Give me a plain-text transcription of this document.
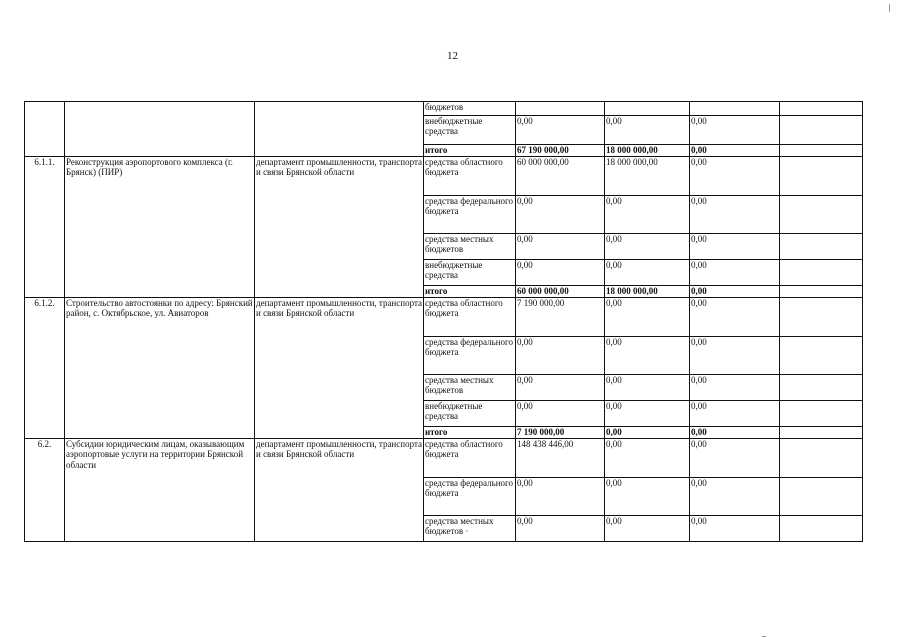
12
			бюджетов				
			внебюджетные средства	0,00	0,00	0,00	
			итого	67 190 000,00	18 000 000,00	0,00	
6.1.1.	Реконструкция аэропортового комплекса (г. Брянск) (ПИР)	департамент промышленности, транспорта и связи Брянской области	средства областного бюджета	60 000 000,00	18 000 000,00	0,00	
			средства федерального бюджета	0,00	0,00	0,00	
			средства местных бюджетов	0,00	0,00	0,00	
			внебюджетные средства	0,00	0,00	0,00	
			итого	60 000 000,00	18 000 000,00	0,00	
6.1.2.	Строительство автостоянки по адресу: Брянский район, с. Октябрьское, ул. Авиаторов	департамент промышленности, транспорта и связи Брянской области	средства областного бюджета	7 190 000,00	0,00	0,00	
			средства федерального бюджета	0,00	0,00	0,00	
			средства местных бюджетов	0,00	0,00	0,00	
			внебюджетные средства	0,00	0,00	0,00	
			итого	7 190 000,00	0,00	0,00	
6.2.	Субсидии юридическим лицам, оказывающим аэропортовые услуги на территории Брянской области	департамент промышленности, транспорта и связи Брянской области	средства областного бюджета	148 438 446,00	0,00	0,00	
			средства федерального бюджета	0,00	0,00	0,00	
			средства местных бюджетов ·	0,00	0,00	0,00	
